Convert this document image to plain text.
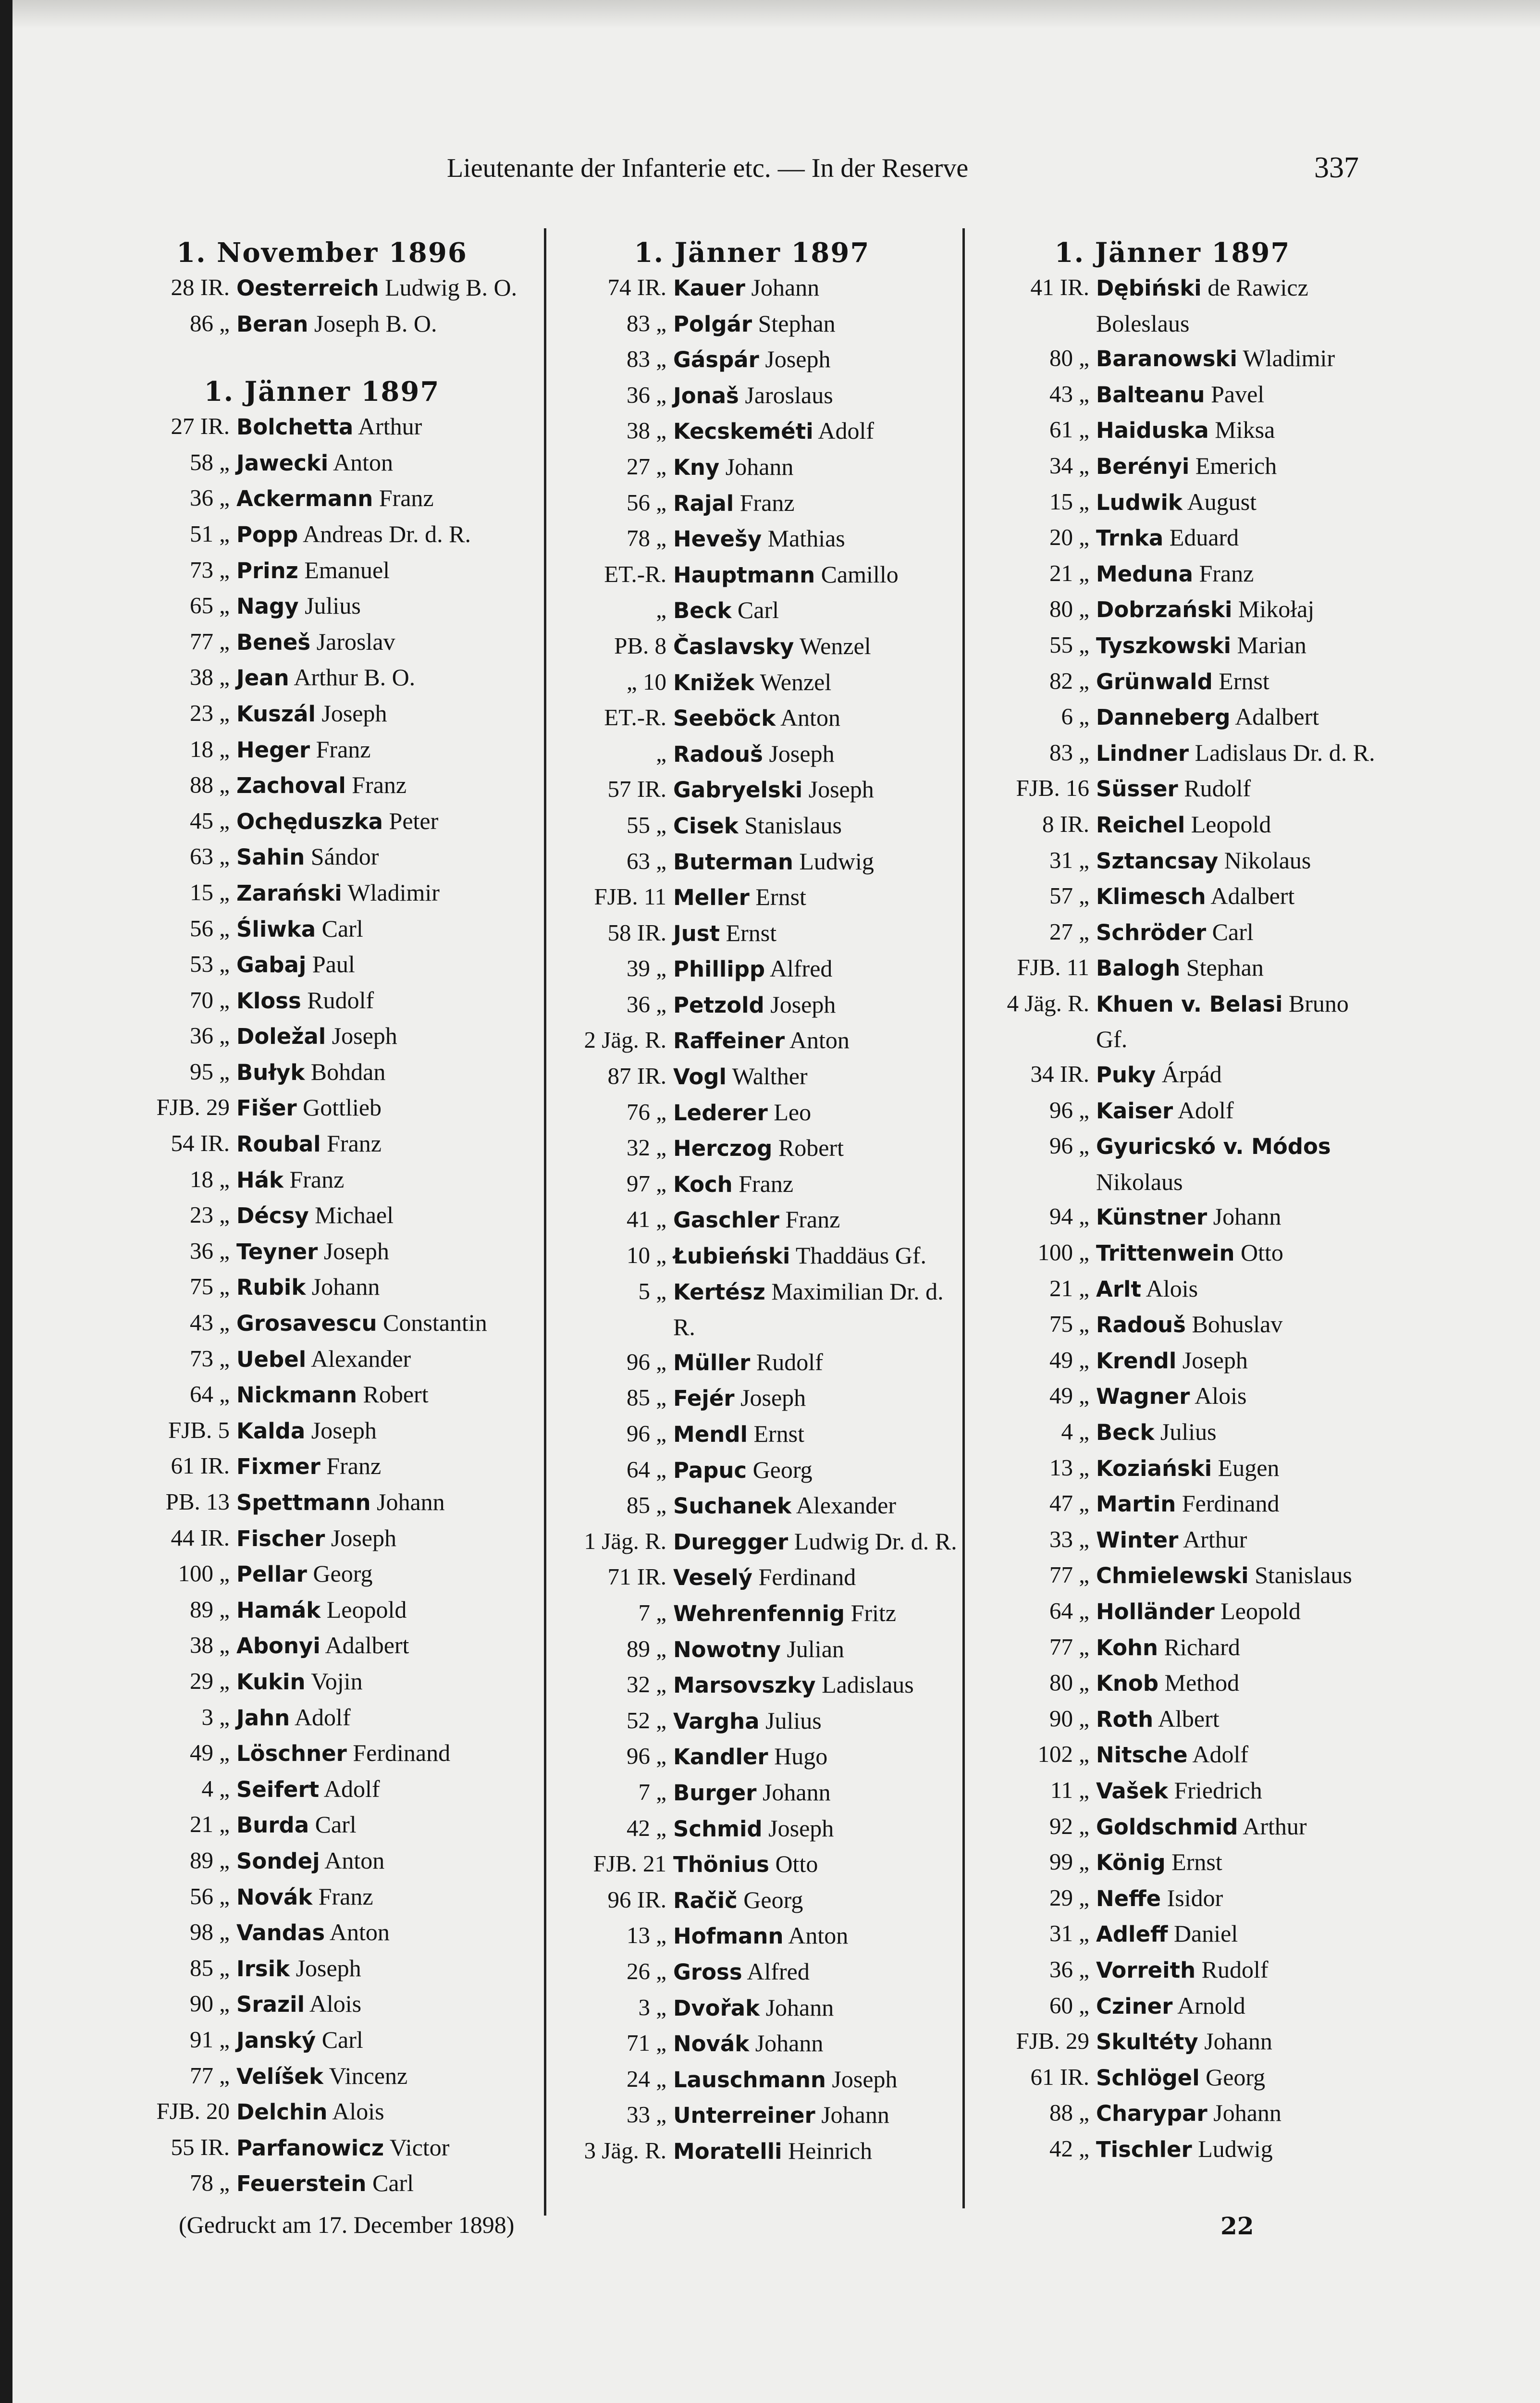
Lieutenante der Infanterie etc. — In der Reserve	337
1. November 1896
28 IR. Oesterreich Ludwig B. O.
86 „ Beran Joseph B. O.
1. Jänner 1897
27 IR. Bolchetta Arthur
58 „ Jawecki Anton
36 „ Ackermann Franz
51 „ Popp Andreas Dr. d. R.
73 „ Prinz Emanuel
65 „ Nagy Julius
77 „ Beneš Jaroslav
38 „ Jean Arthur B. O.
23 „ Kuszál Joseph
18 „ Heger Franz
88 „ Zachoval Franz
45 „ Ochęduszka Peter
63 „ Sahin Sándor
15 „ Zarański Wladimir
56 „ Śliwka Carl
53 „ Gabaj Paul
70 „ Kloss Rudolf
36 „ Doležal Joseph
95 „ Bułyk Bohdan
FJB. 29 Fišer Gottlieb
54 IR. Roubal Franz
18 „ Hák Franz
23 „ Décsy Michael
36 „ Teyner Joseph
75 „ Rubik Johann
43 „ Grosavescu Constantin
73 „ Uebel Alexander
64 „ Nickmann Robert
FJB. 5 Kalda Joseph
61 IR. Fixmer Franz
PB. 13 Spettmann Johann
44 IR. Fischer Joseph
100 „ Pellar Georg
89 „ Hamák Leopold
38 „ Abonyi Adalbert
29 „ Kukin Vojin
3 „ Jahn Adolf
49 „ Löschner Ferdinand
4 „ Seifert Adolf
21 „ Burda Carl
89 „ Sondej Anton
56 „ Novák Franz
98 „ Vandas Anton
85 „ Irsik Joseph
90 „ Srazil Alois
91 „ Janský Carl
77 „ Velíšek Vincenz
FJB. 20 Delchin Alois
55 IR. Parfanowicz Victor
78 „ Feuerstein Carl
1. Jänner 1897
74 IR. Kauer Johann
83 „ Polgár Stephan
83 „ Gáspár Joseph
36 „ Jonaš Jaroslaus
38 „ Kecskeméti Adolf
27 „ Kny Johann
56 „ Rajal Franz
78 „ Hevešy Mathias
ET.-R. Hauptmann Camillo
„ Beck Carl
PB. 8 Časlavsky Wenzel
„ 10 Knižek Wenzel
ET.-R. Seeböck Anton
„ Radouš Joseph
57 IR. Gabryelski Joseph
55 „ Cisek Stanislaus
63 „ Buterman Ludwig
FJB. 11 Meller Ernst
58 IR. Just Ernst
39 „ Phillipp Alfred
36 „ Petzold Joseph
2 Jäg. R. Raffeiner Anton
87 IR. Vogl Walther
76 „ Lederer Leo
32 „ Herczog Robert
97 „ Koch Franz
41 „ Gaschler Franz
10 „ Łubieński Thaddäus Gf.
5 „ Kertész Maximilian Dr. d. R.
96 „ Müller Rudolf
85 „ Fejér Joseph
96 „ Mendl Ernst
64 „ Papuc Georg
85 „ Suchanek Alexander
1 Jäg. R. Duregger Ludwig Dr. d. R.
71 IR. Veselý Ferdinand
7 „ Wehrenfennig Fritz
89 „ Nowotny Julian
32 „ Marsovszky Ladislaus
52 „ Vargha Julius
96 „ Kandler Hugo
7 „ Burger Johann
42 „ Schmid Joseph
FJB. 21 Thönius Otto
96 IR. Račič Georg
13 „ Hofmann Anton
26 „ Gross Alfred
3 „ Dvořak Johann
71 „ Novák Johann
24 „ Lauschmann Joseph
33 „ Unterreiner Johann
3 Jäg. R. Moratelli Heinrich
1. Jänner 1897
41 IR. Dębiński de Rawicz Boleslaus
80 „ Baranowski Wladimir
43 „ Balteanu Pavel
61 „ Haiduska Miksa
34 „ Berényi Emerich
15 „ Ludwik August
20 „ Trnka Eduard
21 „ Meduna Franz
80 „ Dobrzański Mikołaj
55 „ Tyszkowski Marian
82 „ Grünwald Ernst
6 „ Danneberg Adalbert
83 „ Lindner Ladislaus Dr. d. R.
FJB. 16 Süsser Rudolf
8 IR. Reichel Leopold
31 „ Sztancsay Nikolaus
57 „ Klimesch Adalbert
27 „ Schröder Carl
FJB. 11 Balogh Stephan
4 Jäg. R. Khuen v. Belasi Bruno Gf.
34 IR. Puky Árpád
96 „ Kaiser Adolf
96 „ Gyuricskó v. Módos Nikolaus
94 „ Künstner Johann
100 „ Trittenwein Otto
21 „ Arlt Alois
75 „ Radouš Bohuslav
49 „ Krendl Joseph
49 „ Wagner Alois
4 „ Beck Julius
13 „ Koziański Eugen
47 „ Martin Ferdinand
33 „ Winter Arthur
77 „ Chmielewski Stanislaus
64 „ Holländer Leopold
77 „ Kohn Richard
80 „ Knob Method
90 „ Roth Albert
102 „ Nitsche Adolf
11 „ Vašek Friedrich
92 „ Goldschmid Arthur
99 „ König Ernst
29 „ Neffe Isidor
31 „ Adleff Daniel
36 „ Vorreith Rudolf
60 „ Cziner Arnold
FJB. 29 Skultéty Johann
61 IR. Schlögel Georg
88 „ Charypar Johann
42 „ Tischler Ludwig
(Gedruckt am 17. December 1898)	22
